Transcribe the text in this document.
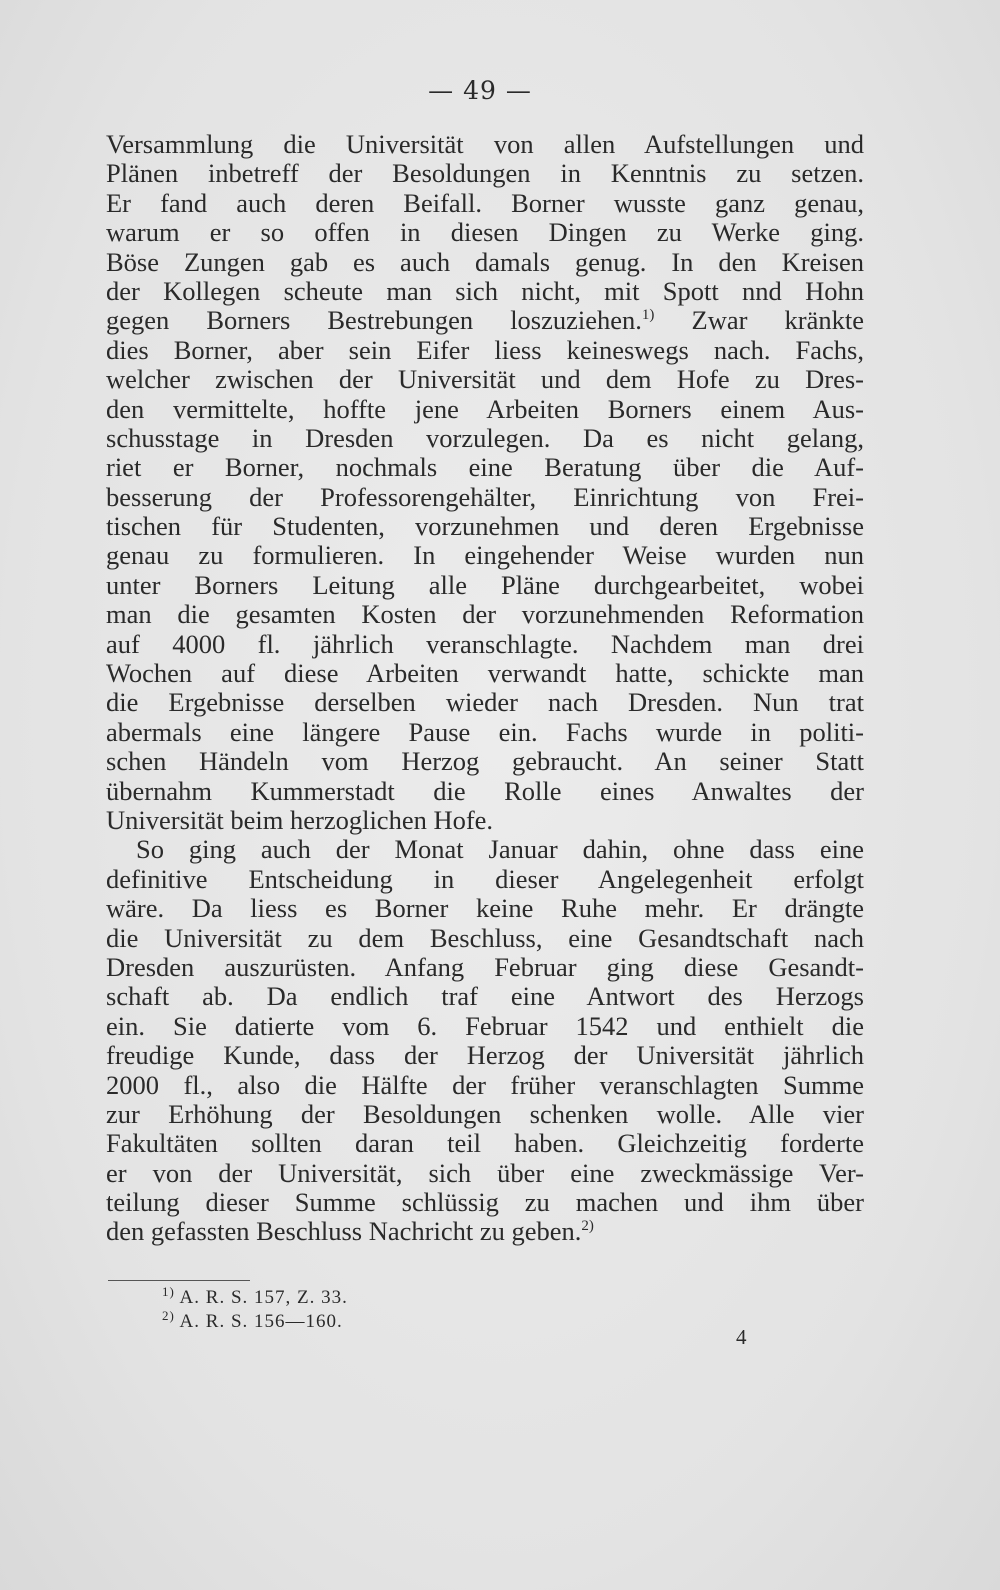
— 49 —
Versammlung die Universität von allen Aufstellungen und
Plänen inbetreff der Besoldungen in Kenntnis zu setzen.
Er fand auch deren Beifall. Borner wusste ganz genau,
warum er so offen in diesen Dingen zu Werke ging.
Böse Zungen gab es auch damals genug. In den Kreisen
der Kollegen scheute man sich nicht, mit Spott nnd Hohn
gegen Borners Bestrebungen loszuziehen.$^{1)}$ Zwar kränkte
dies Borner, aber sein Eifer liess keineswegs nach. Fachs,
welcher zwischen der Universität und dem Hofe zu Dres-
den vermittelte, hoffte jene Arbeiten Borners einem Aus-
schusstage in Dresden vorzulegen. Da es nicht gelang,
riet er Borner, nochmals eine Beratung über die Auf-
besserung der Professorengehälter, Einrichtung von Frei-
tischen für Studenten, vorzunehmen und deren Ergebnisse
genau zu formulieren. In eingehender Weise wurden nun
unter Borners Leitung alle Pläne durchgearbeitet, wobei
man die gesamten Kosten der vorzunehmenden Reformation
auf 4000 fl. jährlich veranschlagte. Nachdem man drei
Wochen auf diese Arbeiten verwandt hatte, schickte man
die Ergebnisse derselben wieder nach Dresden. Nun trat
abermals eine längere Pause ein. Fachs wurde in politi-
schen Händeln vom Herzog gebraucht. An seiner Statt
übernahm Kummerstadt die Rolle eines Anwaltes der
Universität beim herzoglichen Hofe.
So ging auch der Monat Januar dahin, ohne dass eine
definitive Entscheidung in dieser Angelegenheit erfolgt
wäre. Da liess es Borner keine Ruhe mehr. Er drängte
die Universität zu dem Beschluss, eine Gesandtschaft nach
Dresden auszurüsten. Anfang Februar ging diese Gesandt-
schaft ab. Da endlich traf eine Antwort des Herzogs
ein. Sie datierte vom 6. Februar 1542 und enthielt die
freudige Kunde, dass der Herzog der Universität jährlich
2000 fl., also die Hälfte der früher veranschlagten Summe
zur Erhöhung der Besoldungen schenken wolle. Alle vier
Fakultäten sollten daran teil haben. Gleichzeitig forderte
er von der Universität, sich über eine zweckmässige Ver-
teilung dieser Summe schlüssig zu machen und ihm über
den gefassten Beschluss Nachricht zu geben.$^{2)}$
$^{1)}$ A. R. S. 157, Z. 33.
$^{2)}$ A. R. S. 156—160.
4
